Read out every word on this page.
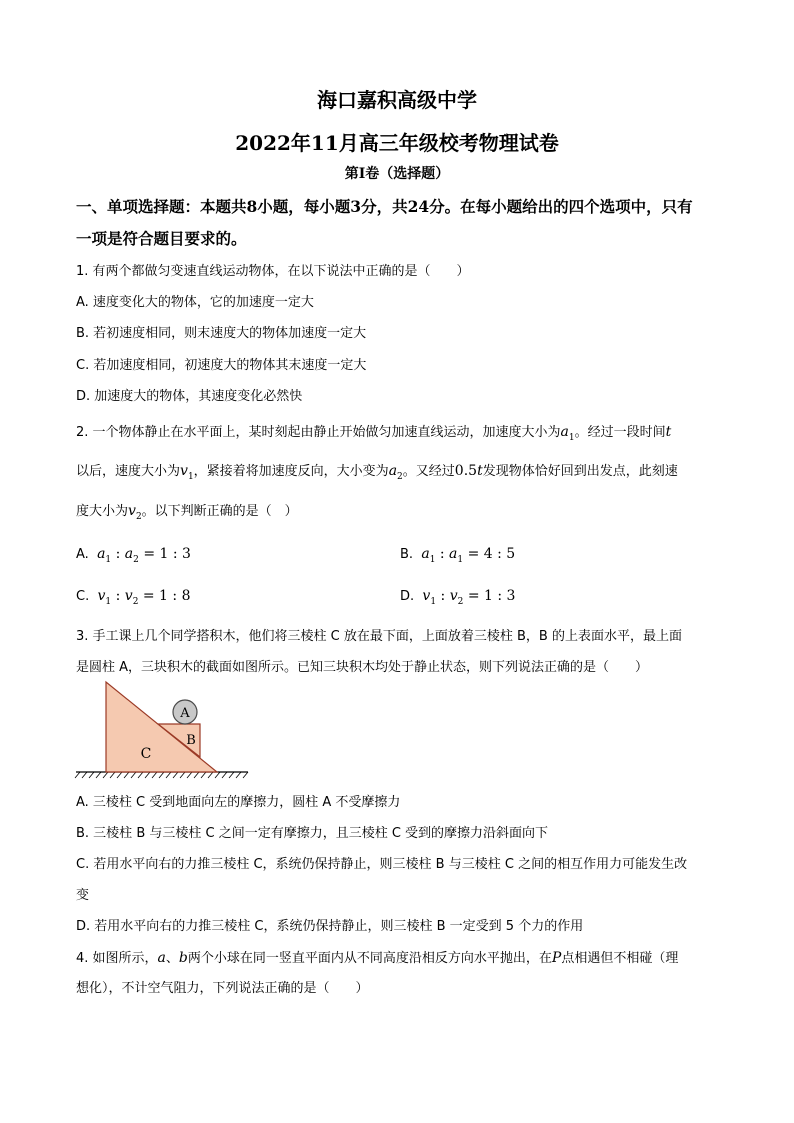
海口嘉积高级中学
2022年11月高三年级校考物理试卷
第I卷（选择题）
一、单项选择题：本题共8小题，每小题3分，共24分。在每小题给出的四个选项中，只有
一项是符合题目要求的。
1. 有两个都做匀变速直线运动物体，在以下说法中正确的是（　　）
A. 速度变化大的物体，它的加速度一定大
B. 若初速度相同，则末速度大的物体加速度一定大
C. 若加速度相同，初速度大的物体其末速度一定大
D. 加速度大的物体，其速度变化必然快
2. 一个物体静止在水平面上，某时刻起由静止开始做匀加速直线运动，加速度大小为$a_1$。经过一段时间t
以后，速度大小为$v_1$，紧接着将加速度反向，大小变为$a_2$。又经过0.5t发现物体恰好回到出发点，此刻速
度大小为$v_2$。以下判断正确的是（　）
A. $a_1$ : $a_2 = 1$ : 3	B. $a_1$ : $a_1 = 4$ : 5
C. $v_1$ : $v_2 = 1$ : 8	D. $v_1$ : $v_2 = 1$ : 3
3. 手工课上几个同学搭积木，他们将三棱柱 C 放在最下面，上面放着三棱柱 B，B 的上表面水平，最上面
是圆柱 A，三块积木的截面如图所示。已知三块积木均处于静止状态，则下列说法正确的是（　　）
A
B
C
A. 三棱柱 C 受到地面向左的摩擦力，圆柱 A 不受摩擦力
B. 三棱柱 B 与三棱柱 C 之间一定有摩擦力，且三棱柱 C 受到的摩擦力沿斜面向下
C. 若用水平向右的力推三棱柱 C，系统仍保持静止，则三棱柱 B 与三棱柱 C 之间的相互作用力可能发生改
变
D. 若用水平向右的力推三棱柱 C，系统仍保持静止，则三棱柱 B 一定受到 5 个力的作用
4. 如图所示，a、b两个小球在同一竖直平面内从不同高度沿相反方向水平抛出，在P点相遇但不相碰（理
想化），不计空气阻力，下列说法正确的是（　　）
